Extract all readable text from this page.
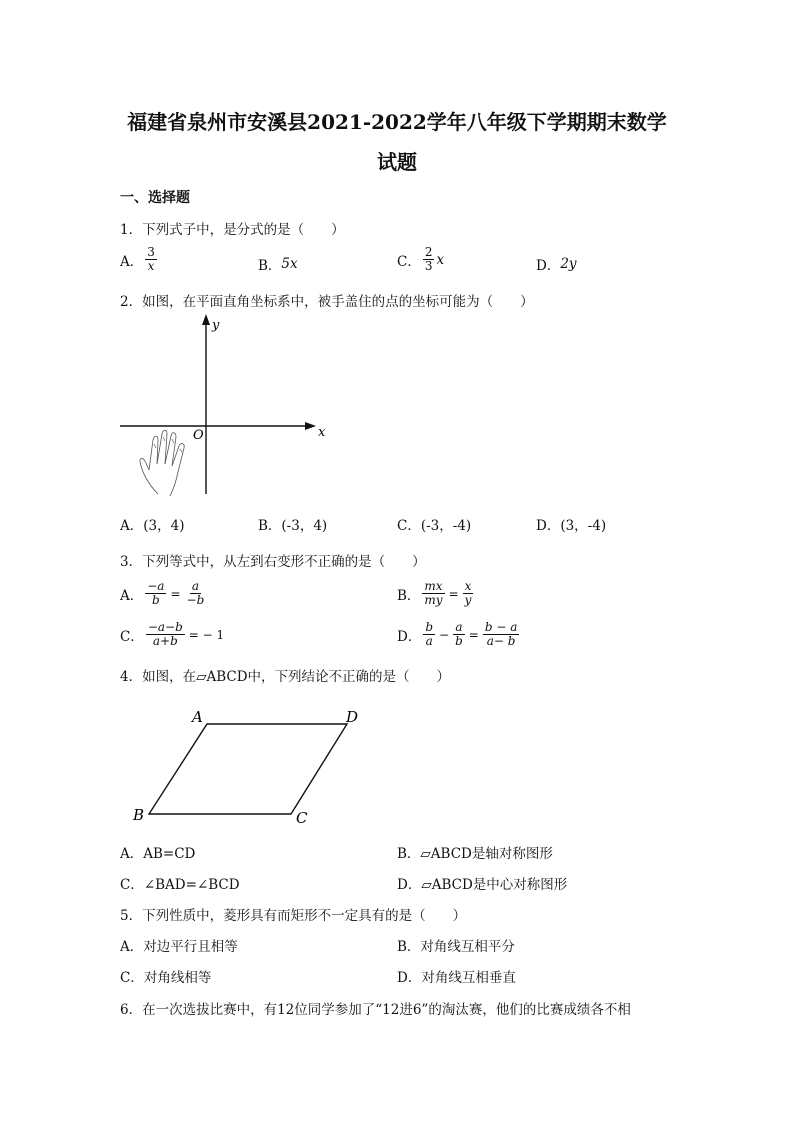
福建省泉州市安溪县2021-2022学年八年级下学期期末数学
试题
一、选择题
1．下列式子中，是分式的是（　　）
A． $\frac{3}{x}$	B． 5x	C． $\frac{2}{3}$ x	D． 2y
2．如图，在平面直角坐标系中，被手盖住的点的坐标可能为（　　）
y
x
O
A．(3，4)	B．(-3，4)	C．(-3，-4)	D．(3，-4)
3．下列等式中，从左到右变形不正确的是（　　）
A． $\frac{-a}{b} = \frac{a}{-b}$	B． $\frac{mx}{my} = \frac{x}{y}$
C． $\frac{-a-b}{a+b}$ = − 1	D． $\frac{b}{a} - \frac{a}{b} = \frac{b - a}{a- b}$
4．如图，在▱ABCD中，下列结论不正确的是（　　）
A	D
B	C
A．AB=CD	B．▱ABCD是轴对称图形
C．∠BAD=∠BCD	D．▱ABCD是中心对称图形
5．下列性质中，菱形具有而矩形不一定具有的是（　　）
A．对边平行且相等	B．对角线互相平分
C．对角线相等	D．对角线互相垂直
6．在一次选拔比赛中，有12位同学参加了“12进6”的淘汰赛，他们的比赛成绩各不相
